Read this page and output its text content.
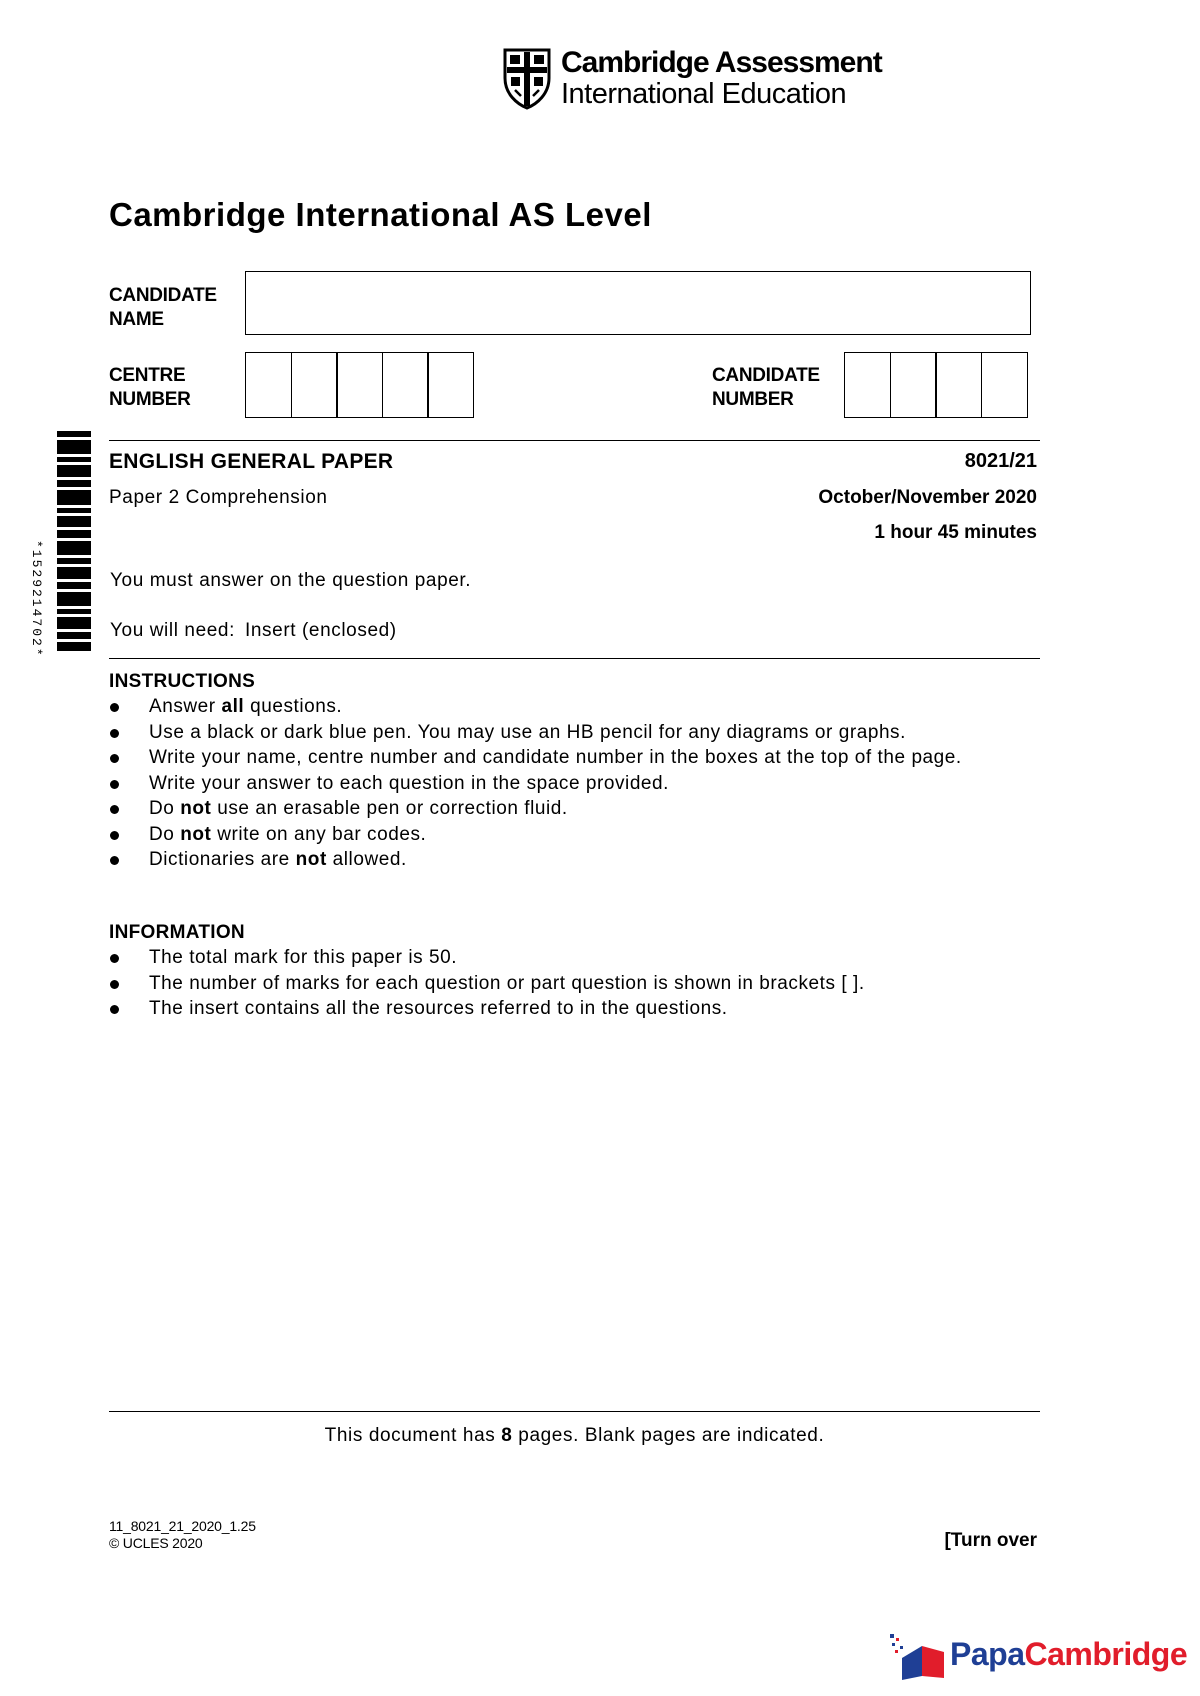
Cambridge Assessment
International Education
Cambridge International AS Level
CANDIDATE
NAME
CENTRE
NUMBER
CANDIDATE
NUMBER
*1529214702*
ENGLISH GENERAL PAPER	8021/21
Paper 2 Comprehension	October/November 2020
1 hour 45 minutes
You must answer on the question paper.
You will need: Insert (enclosed)
INSTRUCTIONS
Answer all questions.
Use a black or dark blue pen. You may use an HB pencil for any diagrams or graphs.
Write your name, centre number and candidate number in the boxes at the top of the page.
Write your answer to each question in the space provided.
Do not use an erasable pen or correction fluid.
Do not write on any bar codes.
Dictionaries are not allowed.
INFORMATION
The total mark for this paper is 50.
The number of marks for each question or part question is shown in brackets [ ].
The insert contains all the resources referred to in the questions.
This document has 8 pages. Blank pages are indicated.
11_8021_21_2020_1.25
© UCLES 2020	[Turn over
PapaCambridge
